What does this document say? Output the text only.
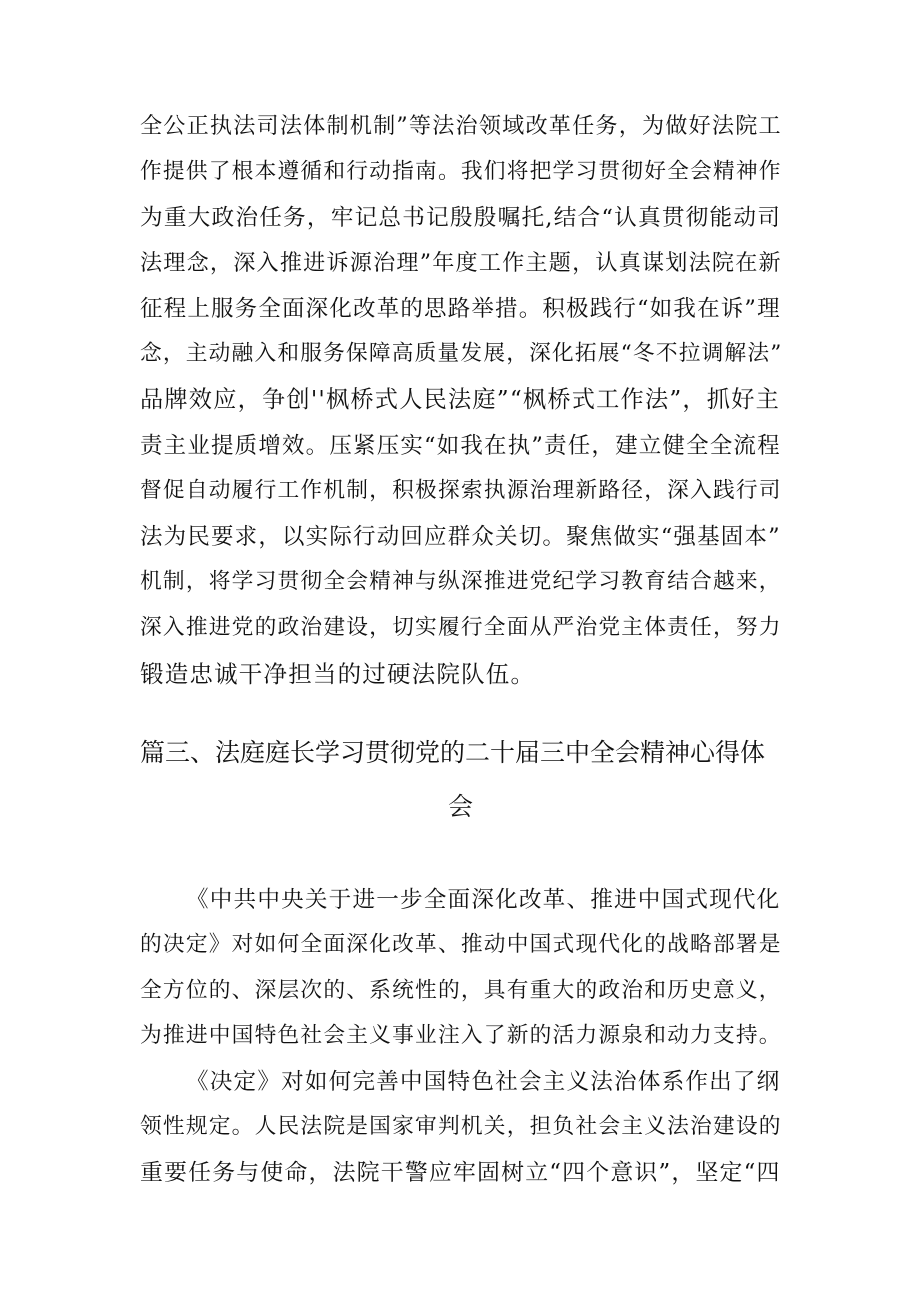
全公正执法司法体制机制”等法治领域改革任务，为做好法院工
作提供了根本遵循和行动指南。我们将把学习贯彻好全会精神作
为重大政治任务，牢记总书记殷殷嘱托,结合“认真贯彻能动司
法理念，深入推进诉源治理”年度工作主题，认真谋划法院在新
征程上服务全面深化改革的思路举措。积极践行“如我在诉”理
念，主动融入和服务保障高质量发展，深化拓展“冬不拉调解法”
品牌效应，争创''枫桥式人民法庭”“枫桥式工作法”，抓好主
责主业提质增效。压紧压实“如我在执”责任，建立健全全流程
督促自动履行工作机制，积极探索执源治理新路径，深入践行司
法为民要求，以实际行动回应群众关切。聚焦做实“强基固本”
机制，将学习贯彻全会精神与纵深推进党纪学习教育结合越来，
深入推进党的政治建设，切实履行全面从严治党主体责任，努力
锻造忠诚干净担当的过硬法院队伍。
篇三、法庭庭长学习贯彻党的二十届三中全会精神心得体
会
《中共中央关于进一步全面深化改革、推进中国式现代化
的决定》对如何全面深化改革、推动中国式现代化的战略部署是
全方位的、深层次的、系统性的，具有重大的政治和历史意义，
为推进中国特色社会主义事业注入了新的活力源泉和动力支持。
《决定》对如何完善中国特色社会主义法治体系作出了纲
领性规定。人民法院是国家审判机关，担负社会主义法治建设的
重要任务与使命，法院干警应牢固树立“四个意识”，坚定“四
